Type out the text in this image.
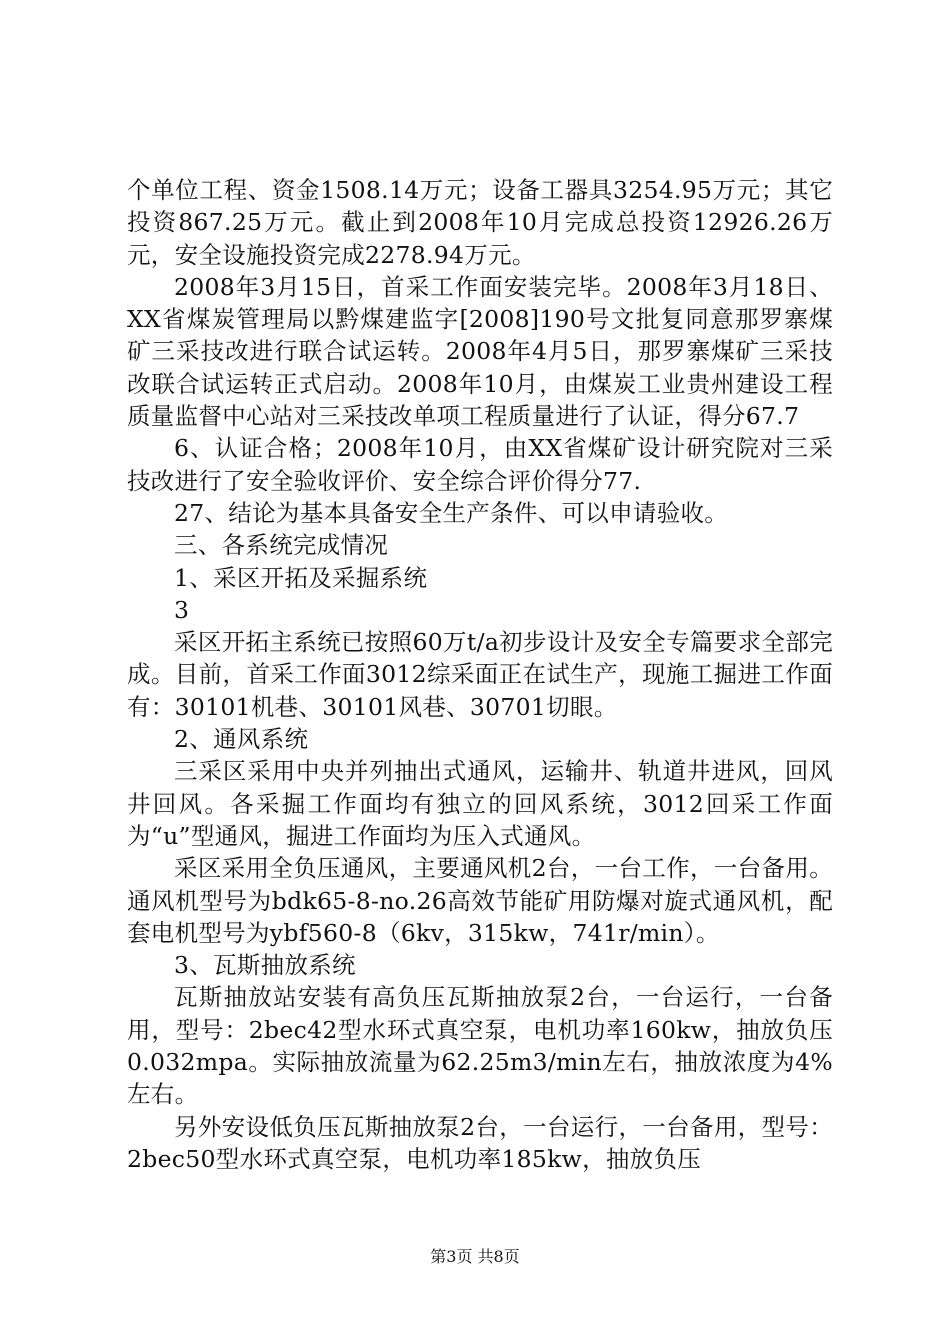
个单位工程、资金1508.14万元；设备工器具3254.95万元；其它投资867.25万元。截止到2008年10月完成总投资12926.26万元，安全设施投资完成2278.94万元。

2008年3月15日，首采工作面安装完毕。2008年3月18日、XX省煤炭管理局以黔煤建监字[2008]190号文批复同意那罗寨煤矿三采技改进行联合试运转。2008年4月5日，那罗寨煤矿三采技改联合试运转正式启动。2008年10月，由煤炭工业贵州建设工程质量监督中心站对三采技改单项工程质量进行了认证，得分67.7

6、认证合格；2008年10月，由XX省煤矿设计研究院对三采技改进行了安全验收评价、安全综合评价得分77.

27、结论为基本具备安全生产条件、可以申请验收。

三、各系统完成情况

1、采区开拓及采掘系统

3

采区开拓主系统已按照60万t/a初步设计及安全专篇要求全部完成。目前，首采工作面3012综采面正在试生产，现施工掘进工作面有：30101机巷、30101风巷、30701切眼。

2、通风系统

三采区采用中央并列抽出式通风，运输井、轨道井进风，回风井回风。各采掘工作面均有独立的回风系统，3012回采工作面为“u”型通风，掘进工作面均为压入式通风。

采区采用全负压通风，主要通风机2台，一台工作，一台备用。通风机型号为bdk65-8-no.26高效节能矿用防爆对旋式通风机，配套电机型号为ybf560-8（6kv，315kw，741r/min）。

3、瓦斯抽放系统

瓦斯抽放站安装有高负压瓦斯抽放泵2台，一台运行，一台备用，型号：2bec42型水环式真空泵，电机功率160kw，抽放负压0.032mpa。实际抽放流量为62.25m3/min左右，抽放浓度为4%左右。

另外安设低负压瓦斯抽放泵2台，一台运行，一台备用，型号：2bec50型水环式真空泵，电机功率185kw，抽放负压

第3页 共8页
